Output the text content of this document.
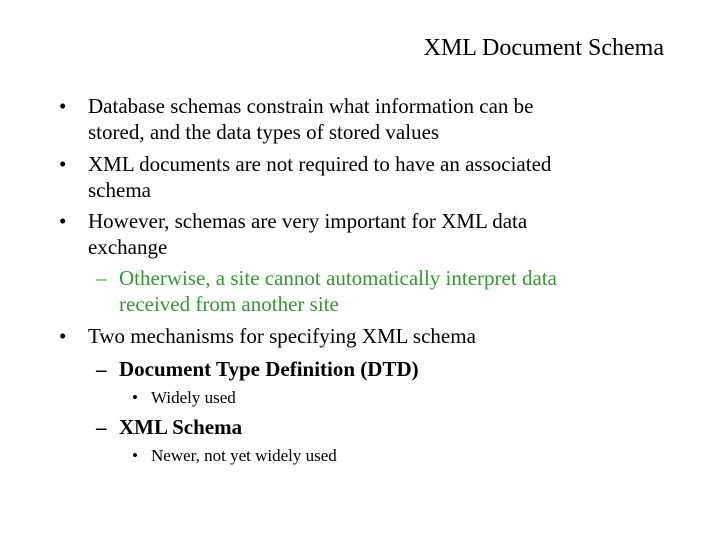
XML Document Schema
• Database schemas constrain what information can be
stored, and the data types of stored values
• XML documents are not required to have an associated
schema
• However, schemas are very important for XML data
exchange
– Otherwise, a site cannot automatically interpret data
received from another site
• Two mechanisms for specifying XML schema
– Document Type Definition (DTD)
• Widely used
– XML Schema
• Newer, not yet widely used
